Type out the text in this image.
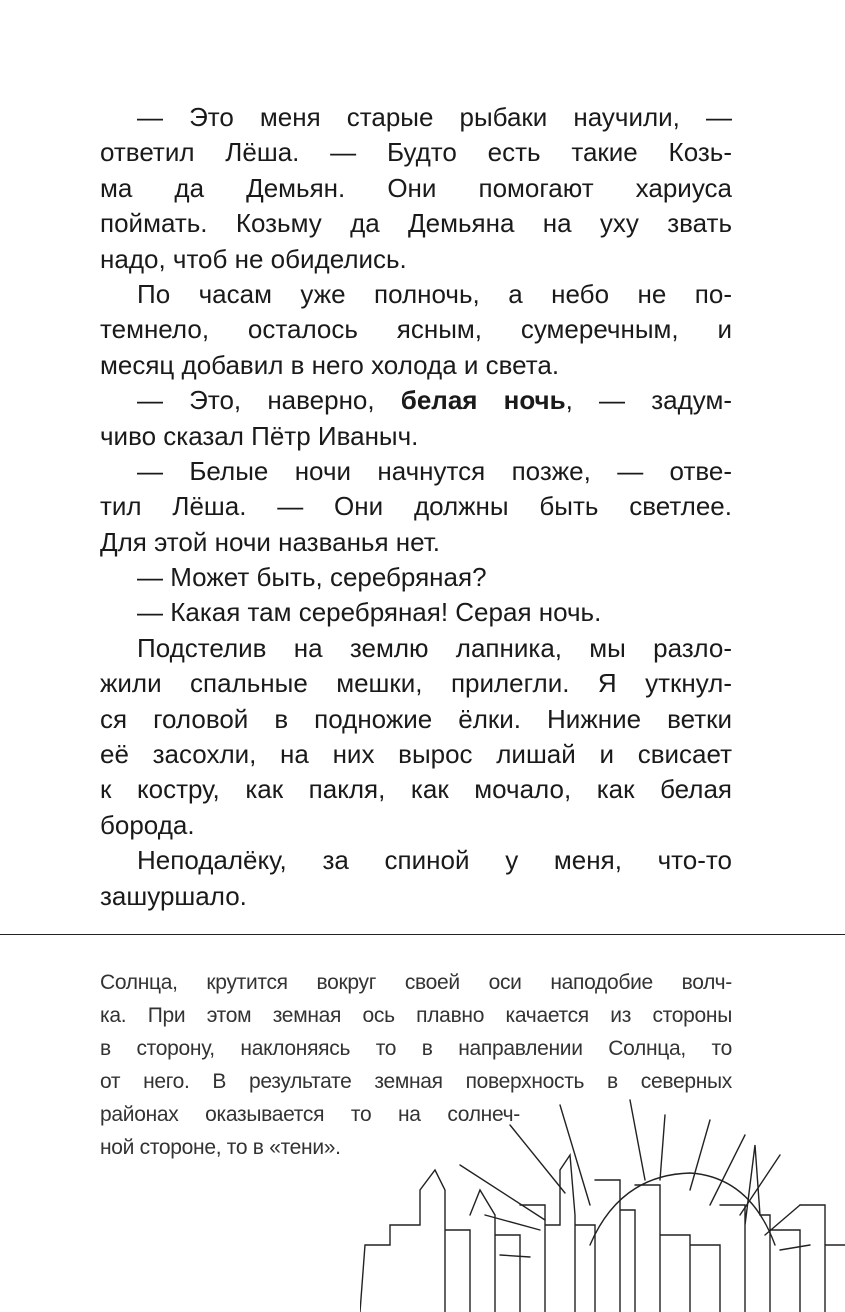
— Это меня старые рыбаки научили, —
ответил Лёша. — Будто есть такие Козь-
ма да Демьян. Они помогают хариуса
поймать. Козьму да Демьяна на уху звать
надо, чтоб не обиделись.
По часам уже полночь, а небо не по-
темнело, осталось ясным, сумеречным, и
месяц добавил в него холода и света.
— Это, наверно, белая ночь, — задум-
чиво сказал Пётр Иваныч.
— Белые ночи начнутся позже, — отве-
тил Лёша. — Они должны быть светлее.
Для этой ночи названья нет.
— Может быть, серебряная?
— Какая там серебряная! Серая ночь.
Подстелив на землю лапника, мы разло-
жили спальные мешки, прилегли. Я уткнул-
ся головой в подножие ёлки. Нижние ветки
её засохли, на них вырос лишай и свисает
к костру, как пакля, как мочало, как белая
борода.
Неподалёку, за спиной у меня, что-то
зашуршало.
Солнца, крутится вокруг своей оси наподобие волч-
ка. При этом земная ось плавно качается из стороны
в сторону, наклоняясь то в направлении Солнца, то
от него. В результате земная поверхность в северных
районах оказывается то на солнеч-
ной стороне, то в «тени».
